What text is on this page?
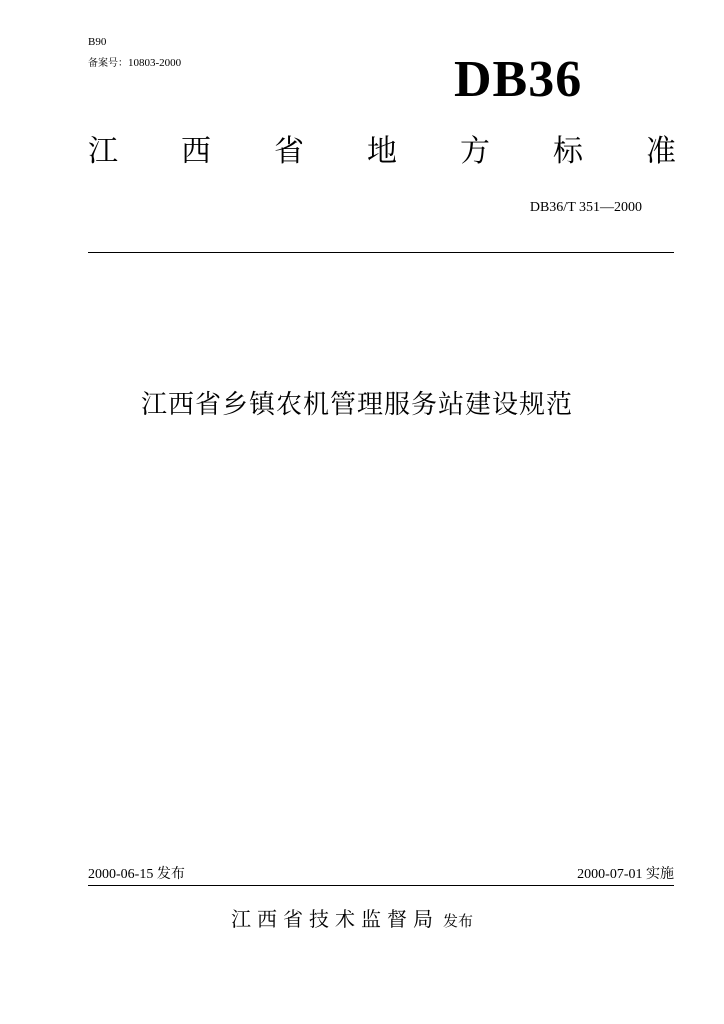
B90
备案号：10803-2000	DB36
江 西 省 地 方 标 准
DB36/T 351—2000
江西省乡镇农机管理服务站建设规范
2000-06-15 发布	2000-07-01 实施
江西省技术监督局 发布
